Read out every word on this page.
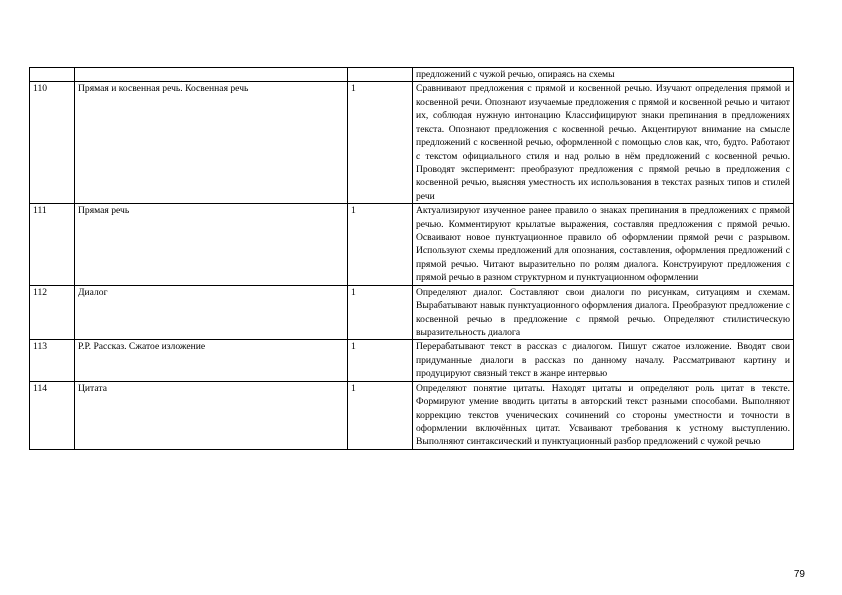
			предложений с чужой речью, опираясь на схемы
110	Прямая и косвенная речь. Косвенная речь	1	Сравнивают предложения с прямой и косвенной речью. Изучают определения прямой и косвенной речи. Опознают изучаемые предложения с прямой и косвенной речью и читают их, соблюдая нужную интонацию Классифицируют знаки препинания в предложениях текста. Опознают предложения с косвенной речью. Акцентируют внимание на смысле предложений с косвенной речью, оформленной с помощью слов как, что, будто. Работают с текстом официального стиля и над ролью в нём предложений с косвенной речью. Проводят эксперимент: преобразуют предложения с прямой речью в предложения с косвенной речью, выясняя уместность их использования в текстах разных типов и стилей речи
111	Прямая речь	1	Актуализируют изученное ранее правило о знаках препинания в предложениях с прямой речью. Комментируют крылатые выражения, составляя предложения с прямой речью. Осваивают новое пунктуационное правило об оформлении прямой речи с разрывом. Используют схемы предложений для опознания, составления, оформления предложений с прямой речью. Читают выразительно по ролям диалога. Конструируют предложения с прямой речью в разном структурном и пунктуационном оформлении
112	Диалог	1	Определяют диалог. Составляют свои диалоги по рисункам, ситуациям и схемам. Вырабатывают навык пунктуационного оформления диалога. Преобразуют предложение с косвенной речью в предложение с прямой речью. Определяют стилистическую выразительность диалога
113	Р.Р. Рассказ. Сжатое изложение	1	Перерабатывают текст в рассказ с диалогом. Пишут сжатое изложение. Вводят свои придуманные диалоги в рассказ по данному началу. Рассматривают картину и продуцируют связный текст в жанре интервью
114	Цитата	1	Определяют понятие цитаты. Находят цитаты и определяют роль цитат в тексте. Формируют умение вводить цитаты в авторский текст разными способами. Выполняют коррекцию текстов ученических сочинений со стороны уместности и точности в оформлении включённых цитат. Усваивают требования к устному выступлению. Выполняют синтаксический и пунктуационный разбор предложений с чужой речью
79
